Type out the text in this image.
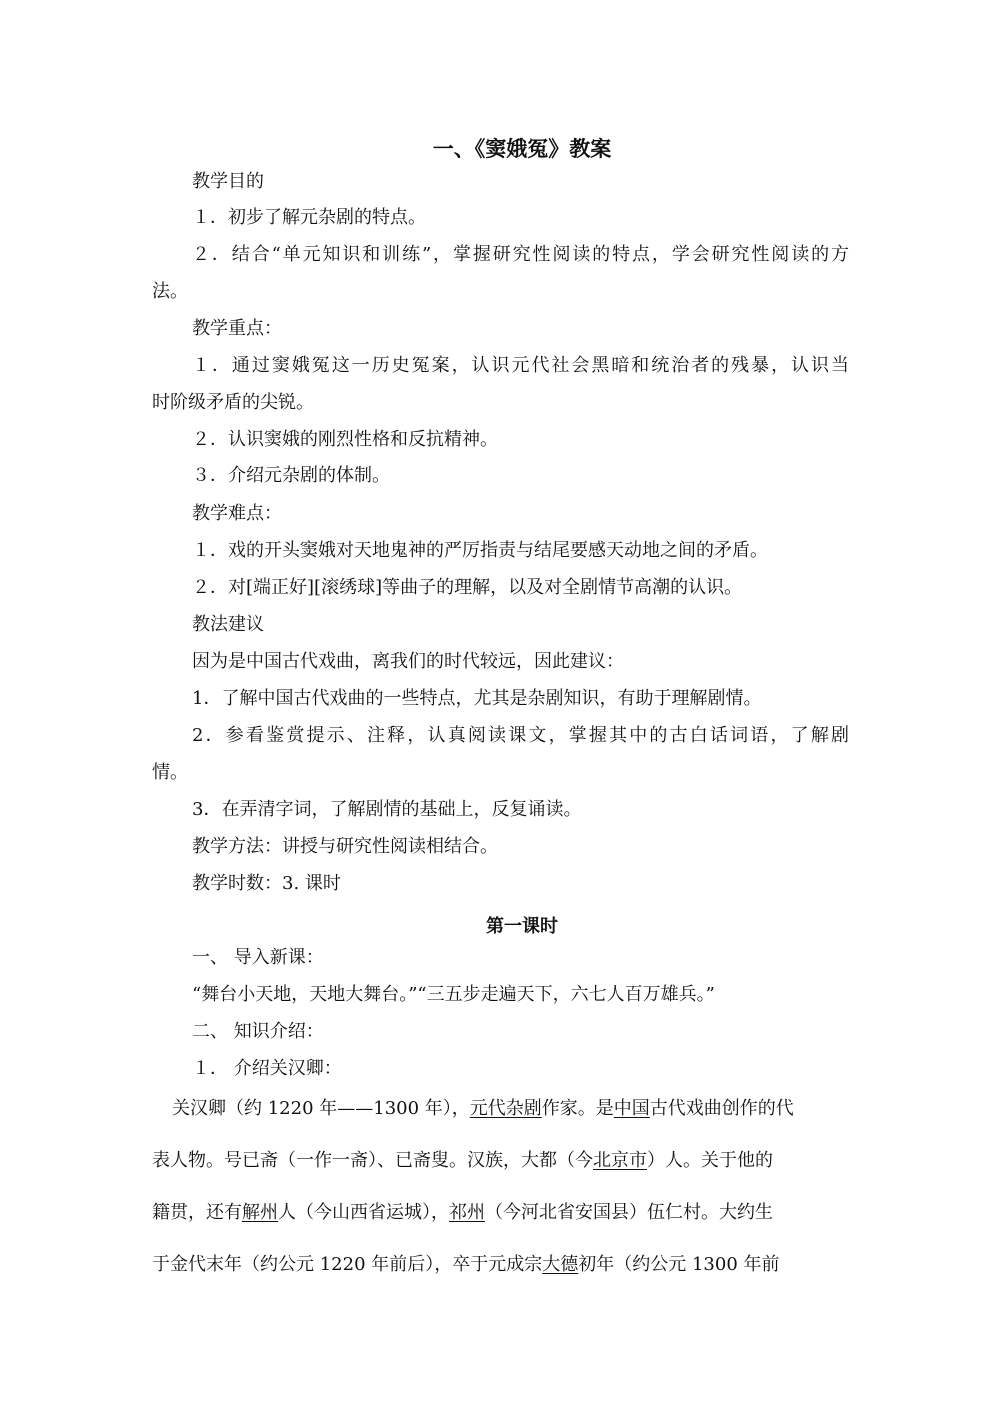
一、《窦娥冤》教案
教学目的
１．初步了解元杂剧的特点。
２．结合“单元知识和训练”，掌握研究性阅读的特点，学会研究性阅读的方
法。
教学重点：
１．通过窦娥冤这一历史冤案，认识元代社会黑暗和统治者的残暴，认识当
时阶级矛盾的尖锐。
２．认识窦娥的刚烈性格和反抗精神。
３．介绍元杂剧的体制。
教学难点：
１．戏的开头窦娥对天地鬼神的严厉指责与结尾要感天动地之间的矛盾。
２．对[端正好][滚绣球]等曲子的理解，以及对全剧情节高潮的认识。
教法建议
因为是中国古代戏曲，离我们的时代较远，因此建议：
1．了解中国古代戏曲的一些特点，尤其是杂剧知识，有助于理解剧情。
2．参看鉴赏提示、注释，认真阅读课文，掌握其中的古白话词语，了解剧
情。
3．在弄清字词，了解剧情的基础上，反复诵读。
教学方法：讲授与研究性阅读相结合。
教学时数：3. 课时
第一课时
一、 导入新课：
“舞台小天地，天地大舞台。”“三五步走遍天下，六七人百万雄兵。”
二、 知识介绍：
１． 介绍关汉卿：
关汉卿（约 1220 年——1300 年），元代杂剧作家。是中国古代戏曲创作的代
表人物。号已斋（一作一斋）、已斋叟。汉族，大都（今北京市）人。关于他的
籍贯，还有解州人（今山西省运城），祁州（今河北省安国县）伍仁村。大约生
于金代末年（约公元 1220 年前后），卒于元成宗大德初年（约公元 1300 年前
